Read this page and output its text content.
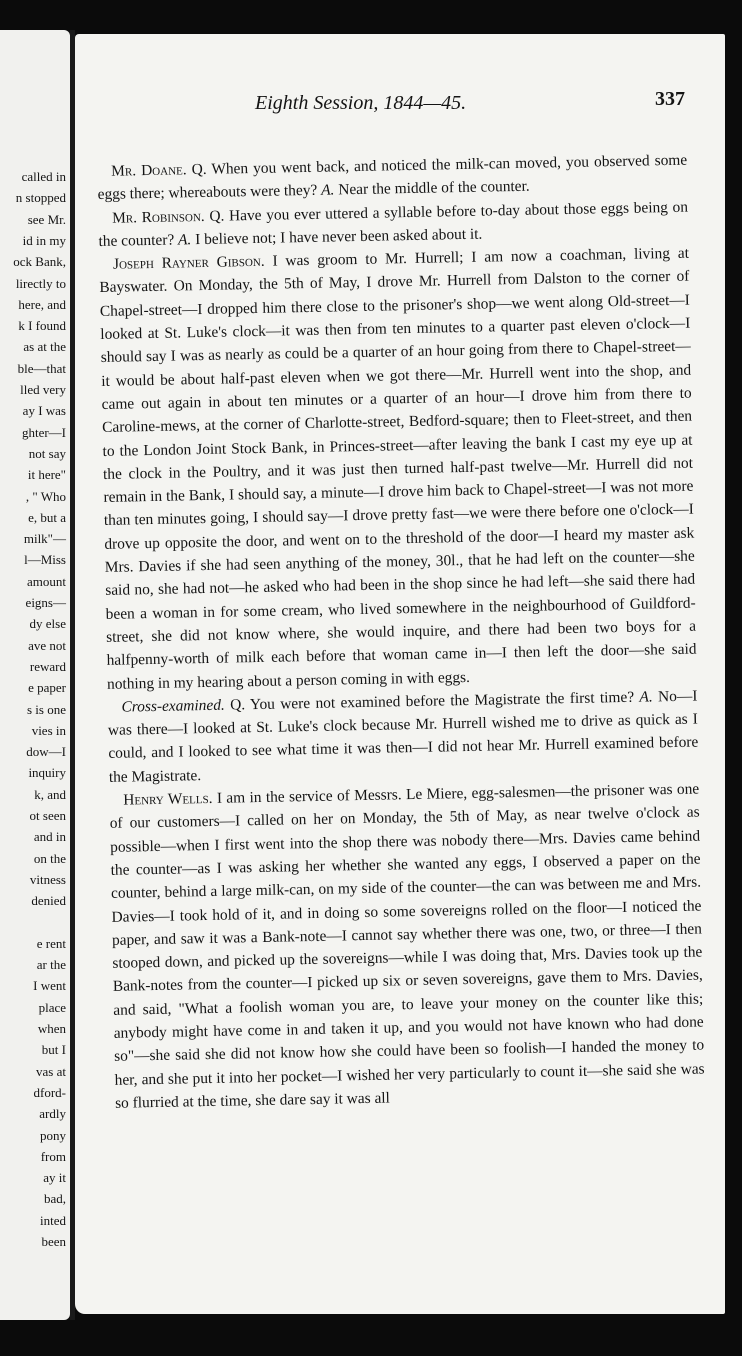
called in

n stopped

see Mr.

id in my

ock Bank,

lirectly to

here, and

k I found

as at the

ble—that

lled very

ay I was

ghter—I

not say

it here"

, " Who

e, but a

milk"—

l—Miss

amount

eigns—

dy else

ave not

reward

e paper

s is one

vies in

dow—I

inquiry

k, and

ot seen

and in

on the

vitness

denied

e rent

ar the

I went

place

when

but I

vas at

dford-

ardly

pony

from

ay it

bad,

inted

been

Eighth Session, 1844—45.	337

Mr. Doane. Q. When you went back, and noticed the milk-can moved, you observed some eggs there; whereabouts were they? A. Near the middle of the counter.

Mr. Robinson. Q. Have you ever uttered a syllable before to-day about those eggs being on the counter? A. I believe not; I have never been asked about it.

Joseph Rayner Gibson. I was groom to Mr. Hurrell; I am now a coachman, living at Bayswater. On Monday, the 5th of May, I drove Mr. Hurrell from Dalston to the corner of Chapel-street—I dropped him there close to the prisoner's shop—we went along Old-street—I looked at St. Luke's clock—it was then from ten minutes to a quarter past eleven o'clock—I should say I was as nearly as could be a quarter of an hour going from there to Chapel-street—it would be about half-past eleven when we got there—Mr. Hurrell went into the shop, and came out again in about ten minutes or a quarter of an hour—I drove him from there to Caroline-mews, at the corner of Charlotte-street, Bedford-square; then to Fleet-street, and then to the London Joint Stock Bank, in Princes-street—after leaving the bank I cast my eye up at the clock in the Poultry, and it was just then turned half-past twelve—Mr. Hurrell did not remain in the Bank, I should say, a minute—I drove him back to Chapel-street—I was not more than ten minutes going, I should say—I drove pretty fast—we were there before one o'clock—I drove up opposite the door, and went on to the threshold of the door—I heard my master ask Mrs. Davies if she had seen anything of the money, 30l., that he had left on the counter—she said no, she had not—he asked who had been in the shop since he had left—she said there had been a woman in for some cream, who lived somewhere in the neighbourhood of Guildford-street, she did not know where, she would inquire, and there had been two boys for a halfpenny-worth of milk each before that woman came in—I then left the door—she said nothing in my hearing about a person coming in with eggs.

Cross-examined. Q. You were not examined before the Magistrate the first time? A. No—I was there—I looked at St. Luke's clock because Mr. Hurrell wished me to drive as quick as I could, and I looked to see what time it was then—I did not hear Mr. Hurrell examined before the Magistrate.

Henry Wells. I am in the service of Messrs. Le Miere, egg-salesmen—the prisoner was one of our customers—I called on her on Monday, the 5th of May, as near twelve o'clock as possible—when I first went into the shop there was nobody there—Mrs. Davies came behind the counter—as I was asking her whether she wanted any eggs, I observed a paper on the counter, behind a large milk-can, on my side of the counter—the can was between me and Mrs. Davies—I took hold of it, and in doing so some sovereigns rolled on the floor—I noticed the paper, and saw it was a Bank-note—I cannot say whether there was one, two, or three—I then stooped down, and picked up the sovereigns—while I was doing that, Mrs. Davies took up the Bank-notes from the counter—I picked up six or seven sovereigns, gave them to Mrs. Davies, and said, "What a foolish woman you are, to leave your money on the counter like this; anybody might have come in and taken it up, and you would not have known who had done so"—she said she did not know how she could have been so foolish—I handed the money to her, and she put it into her pocket—I wished her very particularly to count it—she said she was so flurried at the time, she dare say it was all
